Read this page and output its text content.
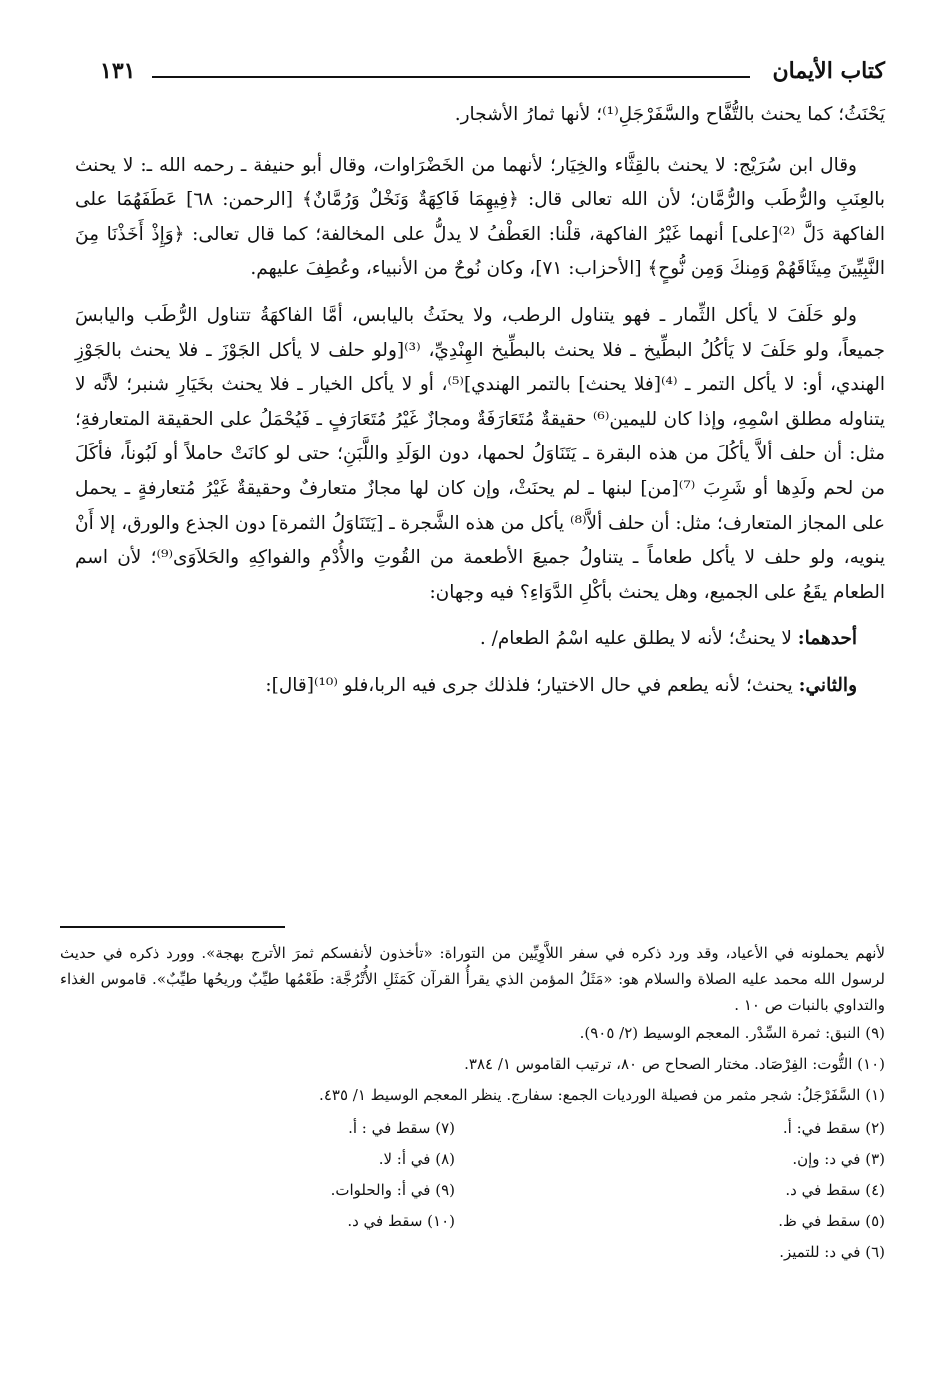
كتاب الأيمان
١٣١

يَحْنَثُ؛ كما يحنث بالتُّفَّاح والسَّفَرْجَلِ⁽¹⁾؛ لأنها ثمارُ الأشجار.

وقال ابن سُرَيْج: لا يحنث بالقِثَّاء والخِيَار؛ لأنهما من الخَضْرَاوات، وقال أبو حنيفة ـ رحمه الله ـ: لا يحنث بالعِنَبِ والرُّطَب والرُّمَّان؛ لأن الله تعالى قال: ﴿فِيهِمَا فَاكِهَةٌ وَنَخْلٌ وَرُمَّانٌ﴾ [الرحمن: ٦٨] عَطَفَهُمَا على الفاكهة دَلَّ ⁽²⁾[على] أنهما غَيْرُ الفاكهة، قلْنا: العَطْفُ لا يدلُّ على المخالفة؛ كما قال تعالى: ﴿وَإِذْ أَخَذْنَا مِنَ النَّبِيِّينَ مِيثَاقَهُمْ وَمِنكَ وَمِن نُّوحٍ﴾ [الأحزاب: ٧١]، وكان نُوحٌ من الأنبياء، وعُطِفَ عليهم.

ولو حَلَفَ لا يأكل الثِّمار ـ فهو يتناول الرطب، ولا يحنَثُ باليابس، أمَّا الفاكهَةُ تتناول الرُّطَب واليابسَ جميعاً، ولو حَلَفَ لا يَأكُلُ البطِّيخ ـ فلا يحنث بالبطِّيخ الهِنْدِيِّ، ⁽³⁾[ولو حلف لا يأكل الجَوْزَ ـ فلا يحنث بالجَوْزِ الهندي، أو: لا يأكل التمر ـ ⁽⁴⁾[فلا يحنث] بالتمر الهندي]⁽⁵⁾، أو لا يأكل الخيار ـ فلا يحنث بخَيَارِ شنبر؛ لأنَّه لا يتناوله مطلق اسْمِهِ، وإذا كان لليمين⁽⁶⁾ حقيقةٌ مُتَعَارَفَةٌ ومجازٌ غَيْرُ مُتَعَارَفٍ ـ فَيُحْمَلُ على الحقيقة المتعارفةِ؛ مثل: أن حلف ألاَّ يأكُلَ من هذه البقرة ـ يَتَنَاوَلُ لحمها، دون الوَلَدِ واللَّبَنِ؛ حتى لو كانَتْ حاملاً أو لَبُوناً، فأكَلَ من لحم ولَدِها أو شَرِبَ ⁽⁷⁾[من] لبنها ـ لم يحنَثْ، وإن كان لها مجازٌ متعارفٌ وحقيقةٌ غَيْرُ مُتعارفةٍ ـ يحمل على المجاز المتعارف؛ مثل: أن حلف ألاَّ⁽⁸⁾ يأكل من هذه الشَّجرة ـ [يَتَنَاوَلُ الثمرة] دون الجذع والورق، إلا أَنْ ينويه، ولو حلف لا يأكل طعاماً ـ يتناولُ جميعَ الأطعمة من القُوتِ والأُدْمِ والفواكِهِ والحَلاَوَى⁽⁹⁾؛ لأن اسم الطعام يقَعُ على الجميع، وهل يحنث بأكْلِ الدَّوَاءِ؟ فيه وجهان:

أحدهما: لا يحنثُ؛ لأنه لا يطلق عليه اسْمُ الطعام/ .

والثاني: يحنث؛ لأنه يطعم في حال الاختيار؛ فلذلك جرى فيه الربا،فلو ⁽¹⁰⁾[قال]:

لأنهم يحملونه في الأعياد، وقد ورد ذكره في سفر اللاَّوِيِّين من التوراة: «تأخذون لأنفسكم ثمرَ الأترج بهجة». وورد ذكره في حديث لرسول الله محمد عليه الصلاة والسلام هو: «مَثَلُ المؤمن الذي يقرأُ القرآن كَمَثَلِ الأُتْرُجَّة: طَعْمُها طيِّبٌ وريحُها طيِّبٌ». قاموس الغذاء والتداوي بالنبات ص ١٠ .

(٩) النبق: ثمرة السِّدْر. المعجم الوسيط (٢/ ٩٠٥).
(١٠) التُّوت: الفِرْصَاد. مختار الصحاح ص ٨٠، ترتيب القاموس ١/ ٣٨٤.
(١) السَّفَرْجَلُ: شجر مثمر من فصيلة الورديات الجمع: سفارج. ينظر المعجم الوسيط ١/ ٤٣٥.
(٢) سقط في: أ.
(٧) سقط في : أ.
(٣) في د: وإن.
(٨) في أ: لا.
(٤) سقط في د.
(٩) في أ: والحلوات.
(٥) سقط في ظ.
(١٠) سقط في د.
(٦) في د: للتميز.
